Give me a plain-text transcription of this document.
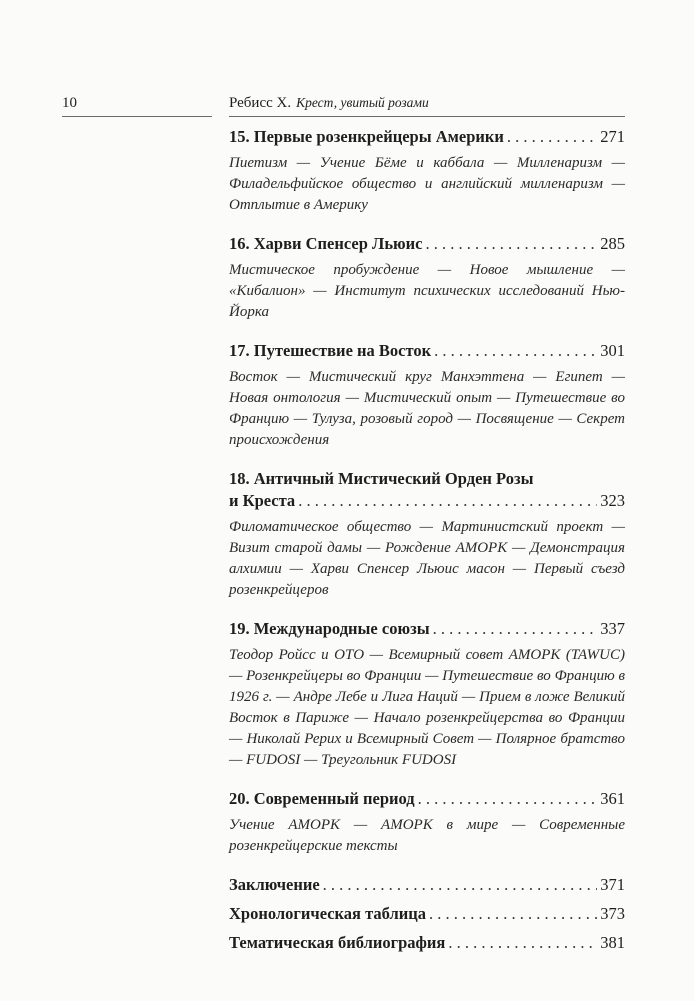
10	Ребисс Х. Крест, увитый розами
15. Первые розенкрейцеры Америки . . .	271
Пиетизм — Учение Бёме и каббала — Милленаризм — Филадельфийское общество и английский милленаризм — Отплытие в Америку
16. Харви Спенсер Льюис . . .	285
Мистическое пробуждение — Новое мышление — «Кибалион» — Институт психических исследований Нью-Йорка
17. Путешествие на Восток . . .	301
Восток — Мистический круг Манхэттена — Египет — Новая онтология — Мистический опыт — Путешествие во Францию — Тулуза, розовый город — Посвящение — Секрет происхождения
18. Античный Мистический Орден Розы
и Креста . . .	323
Филоматическое общество — Мартинистский проект — Визит старой дамы — Рождение АМОРК — Демонстрация алхимии — Харви Спенсер Льюис масон — Первый съезд розенкрейцеров
19. Международные союзы . . .	337
Теодор Ройсс и ОТО — Всемирный совет АМОРК (TAWUC) — Розенкрейцеры во Франции — Путешествие во Францию в 1926 г. — Андре Лебе и Лига Наций — Прием в ложе Великий Восток в Париже — Начало розенкрейцерства во Франции — Николай Рерих и Всемирный Совет — Полярное братство — FUDOSI — Треугольник FUDOSI
20. Современный период . . .	361
Учение АМОРК — АМОРК в мире — Современные розенкрейцерские тексты
Заключение . . .	371
Хронологическая таблица . . .	373
Тематическая библиография . . .	381
